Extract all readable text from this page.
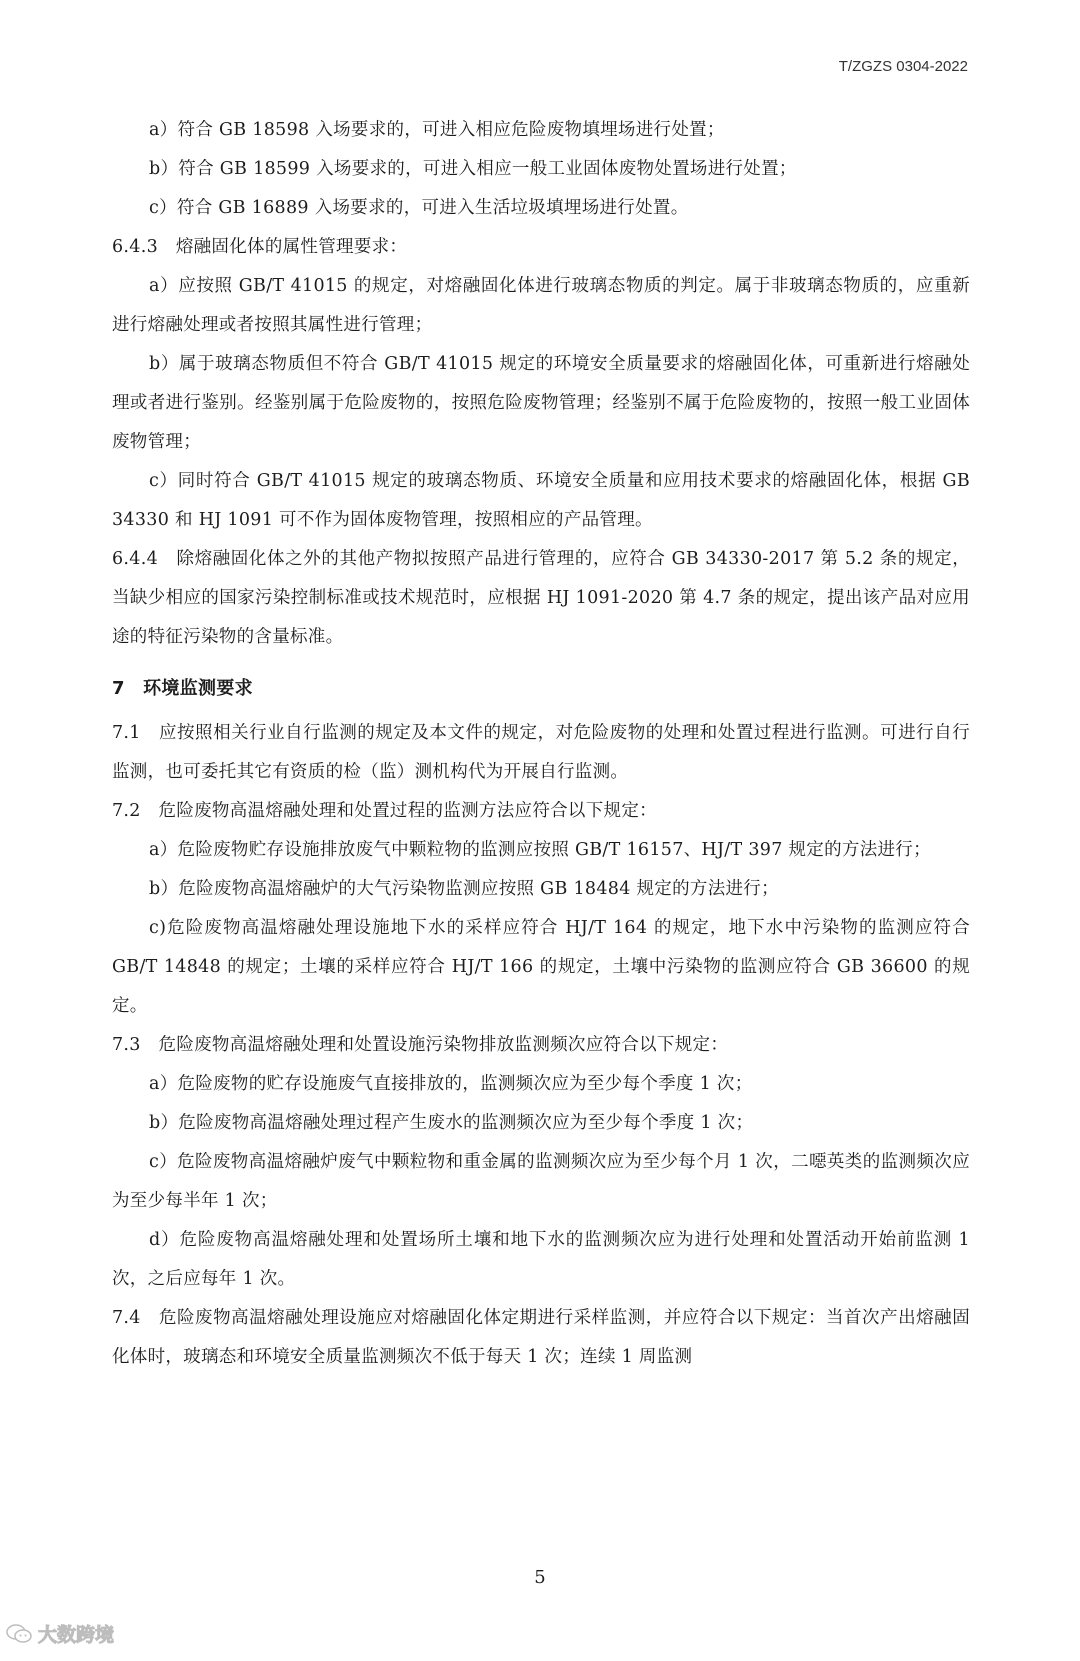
T/ZGZS 0304-2022

a）符合 GB 18598 入场要求的，可进入相应危险废物填埋场进行处置；

b）符合 GB 18599 入场要求的，可进入相应一般工业固体废物处置场进行处置；

c）符合 GB 16889 入场要求的，可进入生活垃圾填埋场进行处置。

6.4.3　熔融固化体的属性管理要求：

a）应按照 GB/T 41015 的规定，对熔融固化体进行玻璃态物质的判定。属于非玻璃态物质的，应重新进行熔融处理或者按照其属性进行管理；

b）属于玻璃态物质但不符合 GB/T 41015 规定的环境安全质量要求的熔融固化体，可重新进行熔融处理或者进行鉴别。经鉴别属于危险废物的，按照危险废物管理；经鉴别不属于危险废物的，按照一般工业固体废物管理；

c）同时符合 GB/T 41015 规定的玻璃态物质、环境安全质量和应用技术要求的熔融固化体，根据 GB 34330 和 HJ 1091 可不作为固体废物管理，按照相应的产品管理。

6.4.4　除熔融固化体之外的其他产物拟按照产品进行管理的，应符合 GB 34330-2017 第 5.2 条的规定，当缺少相应的国家污染控制标准或技术规范时，应根据 HJ 1091-2020 第 4.7 条的规定，提出该产品对应用途的特征污染物的含量标准。

7　环境监测要求

7.1　应按照相关行业自行监测的规定及本文件的规定，对危险废物的处理和处置过程进行监测。可进行自行监测，也可委托其它有资质的检（监）测机构代为开展自行监测。

7.2　危险废物高温熔融处理和处置过程的监测方法应符合以下规定：

a）危险废物贮存设施排放废气中颗粒物的监测应按照 GB/T 16157、HJ/T 397 规定的方法进行；

b）危险废物高温熔融炉的大气污染物监测应按照 GB 18484 规定的方法进行；

c)危险废物高温熔融处理设施地下水的采样应符合 HJ/T 164 的规定，地下水中污染物的监测应符合 GB/T 14848 的规定；土壤的采样应符合 HJ/T 166 的规定，土壤中污染物的监测应符合 GB 36600 的规定。

7.3　危险废物高温熔融处理和处置设施污染物排放监测频次应符合以下规定：

a）危险废物的贮存设施废气直接排放的，监测频次应为至少每个季度 1 次；

b）危险废物高温熔融处理过程产生废水的监测频次应为至少每个季度 1 次；

c）危险废物高温熔融炉废气中颗粒物和重金属的监测频次应为至少每个月 1 次，二噁英类的监测频次应为至少每半年 1 次；

d）危险废物高温熔融处理和处置场所土壤和地下水的监测频次应为进行处理和处置活动开始前监测 1 次，之后应每年 1 次。

7.4　危险废物高温熔融处理设施应对熔融固化体定期进行采样监测，并应符合以下规定：当首次产出熔融固化体时，玻璃态和环境安全质量监测频次不低于每天 1 次；连续 1 周监测

5
大数跨境
